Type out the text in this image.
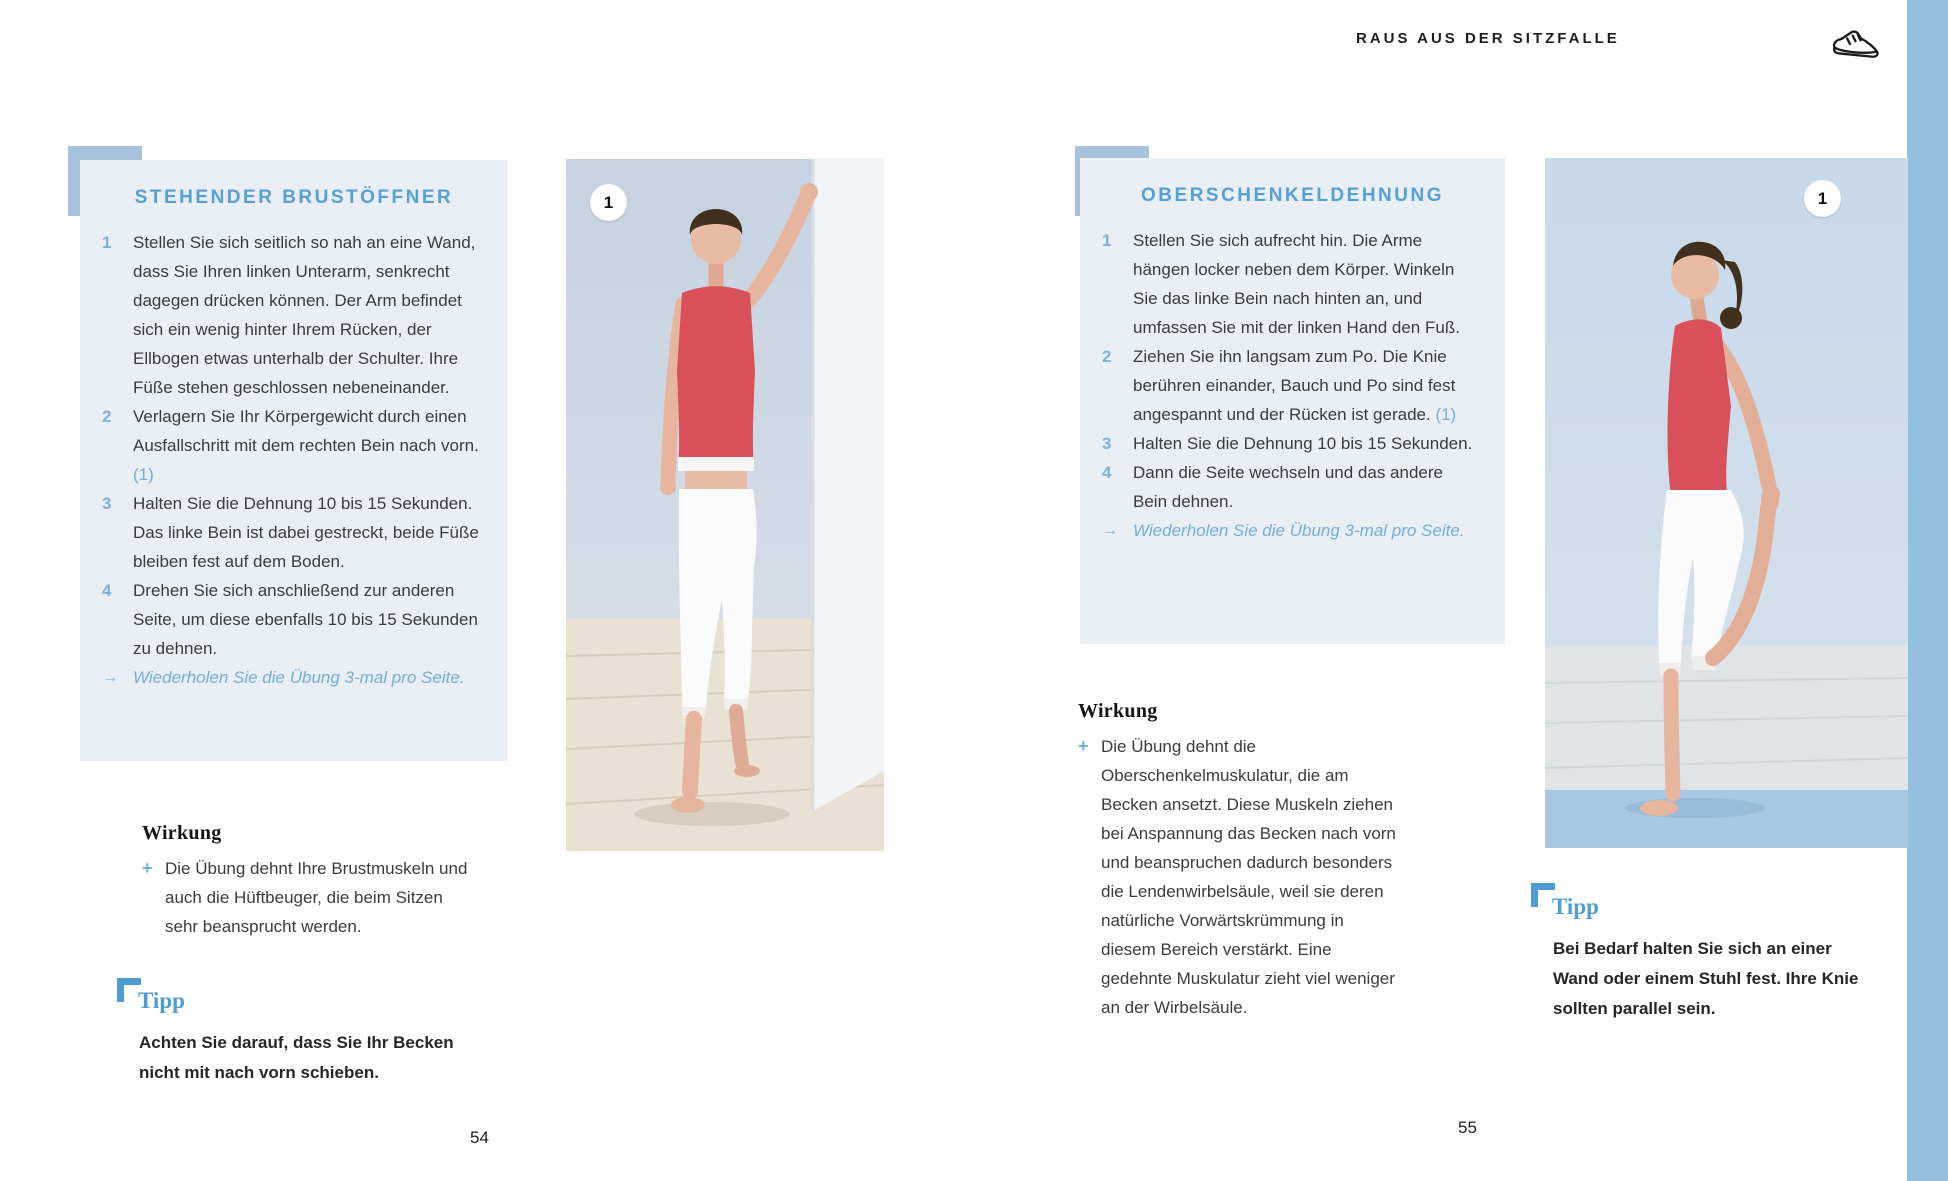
RAUS AUS DER SITZFALLE
STEHENDER BRUSTÖFFNER
1	Stellen Sie sich seitlich so nah an eine Wand, dass Sie Ihren linken Unterarm, senkrecht dagegen drücken können. Der Arm befindet sich ein wenig hinter Ihrem Rücken, der Ellbogen etwas unterhalb der Schulter. Ihre Füße stehen geschlossen nebeneinander.

2	Verlagern Sie Ihr Körpergewicht durch einen Ausfallschritt mit dem rechten Bein nach vorn. (1)

3	Halten Sie die Dehnung 10 bis 15 Sekunden. Das linke Bein ist dabei gestreckt, beide Füße bleiben fest auf dem Boden.

4	Drehen Sie sich anschließend zur anderen Seite, um diese ebenfalls 10 bis 15 Sekunden zu dehnen.

→ Wiederholen Sie die Übung 3-mal pro Seite.

1
Wirkung
+ Die Übung dehnt Ihre Brustmuskeln und auch die Hüftbeuger, die beim Sitzen sehr beansprucht werden.

Tipp

Achten Sie darauf, dass Sie Ihr Becken nicht mit nach vorn schieben.

54
OBERSCHENKELDEHNUNG
1	Stellen Sie sich aufrecht hin. Die Arme hängen locker neben dem Körper. Winkeln Sie das linke Bein nach hinten an, und umfassen Sie mit der linken Hand den Fuß.

2	Ziehen Sie ihn langsam zum Po. Die Knie berühren einander, Bauch und Po sind fest angespannt und der Rücken ist gerade. (1)

3	Halten Sie die Dehnung 10 bis 15 Sekunden.

4	Dann die Seite wechseln und das andere Bein dehnen.

→ Wiederholen Sie die Übung 3-mal pro Seite.

1
Wirkung
+ Die Übung dehnt die Oberschenkelmuskulatur, die am Becken ansetzt. Diese Muskeln ziehen bei Anspannung das Becken nach vorn und beanspruchen dadurch besonders die Lendenwirbelsäule, weil sie deren natürliche Vorwärtskrümmung in diesem Bereich verstärkt. Eine gedehnte Muskulatur zieht viel weniger an der Wirbelsäule.

Tipp

Bei Bedarf halten Sie sich an einer Wand oder einem Stuhl fest. Ihre Knie sollten parallel sein.

55
